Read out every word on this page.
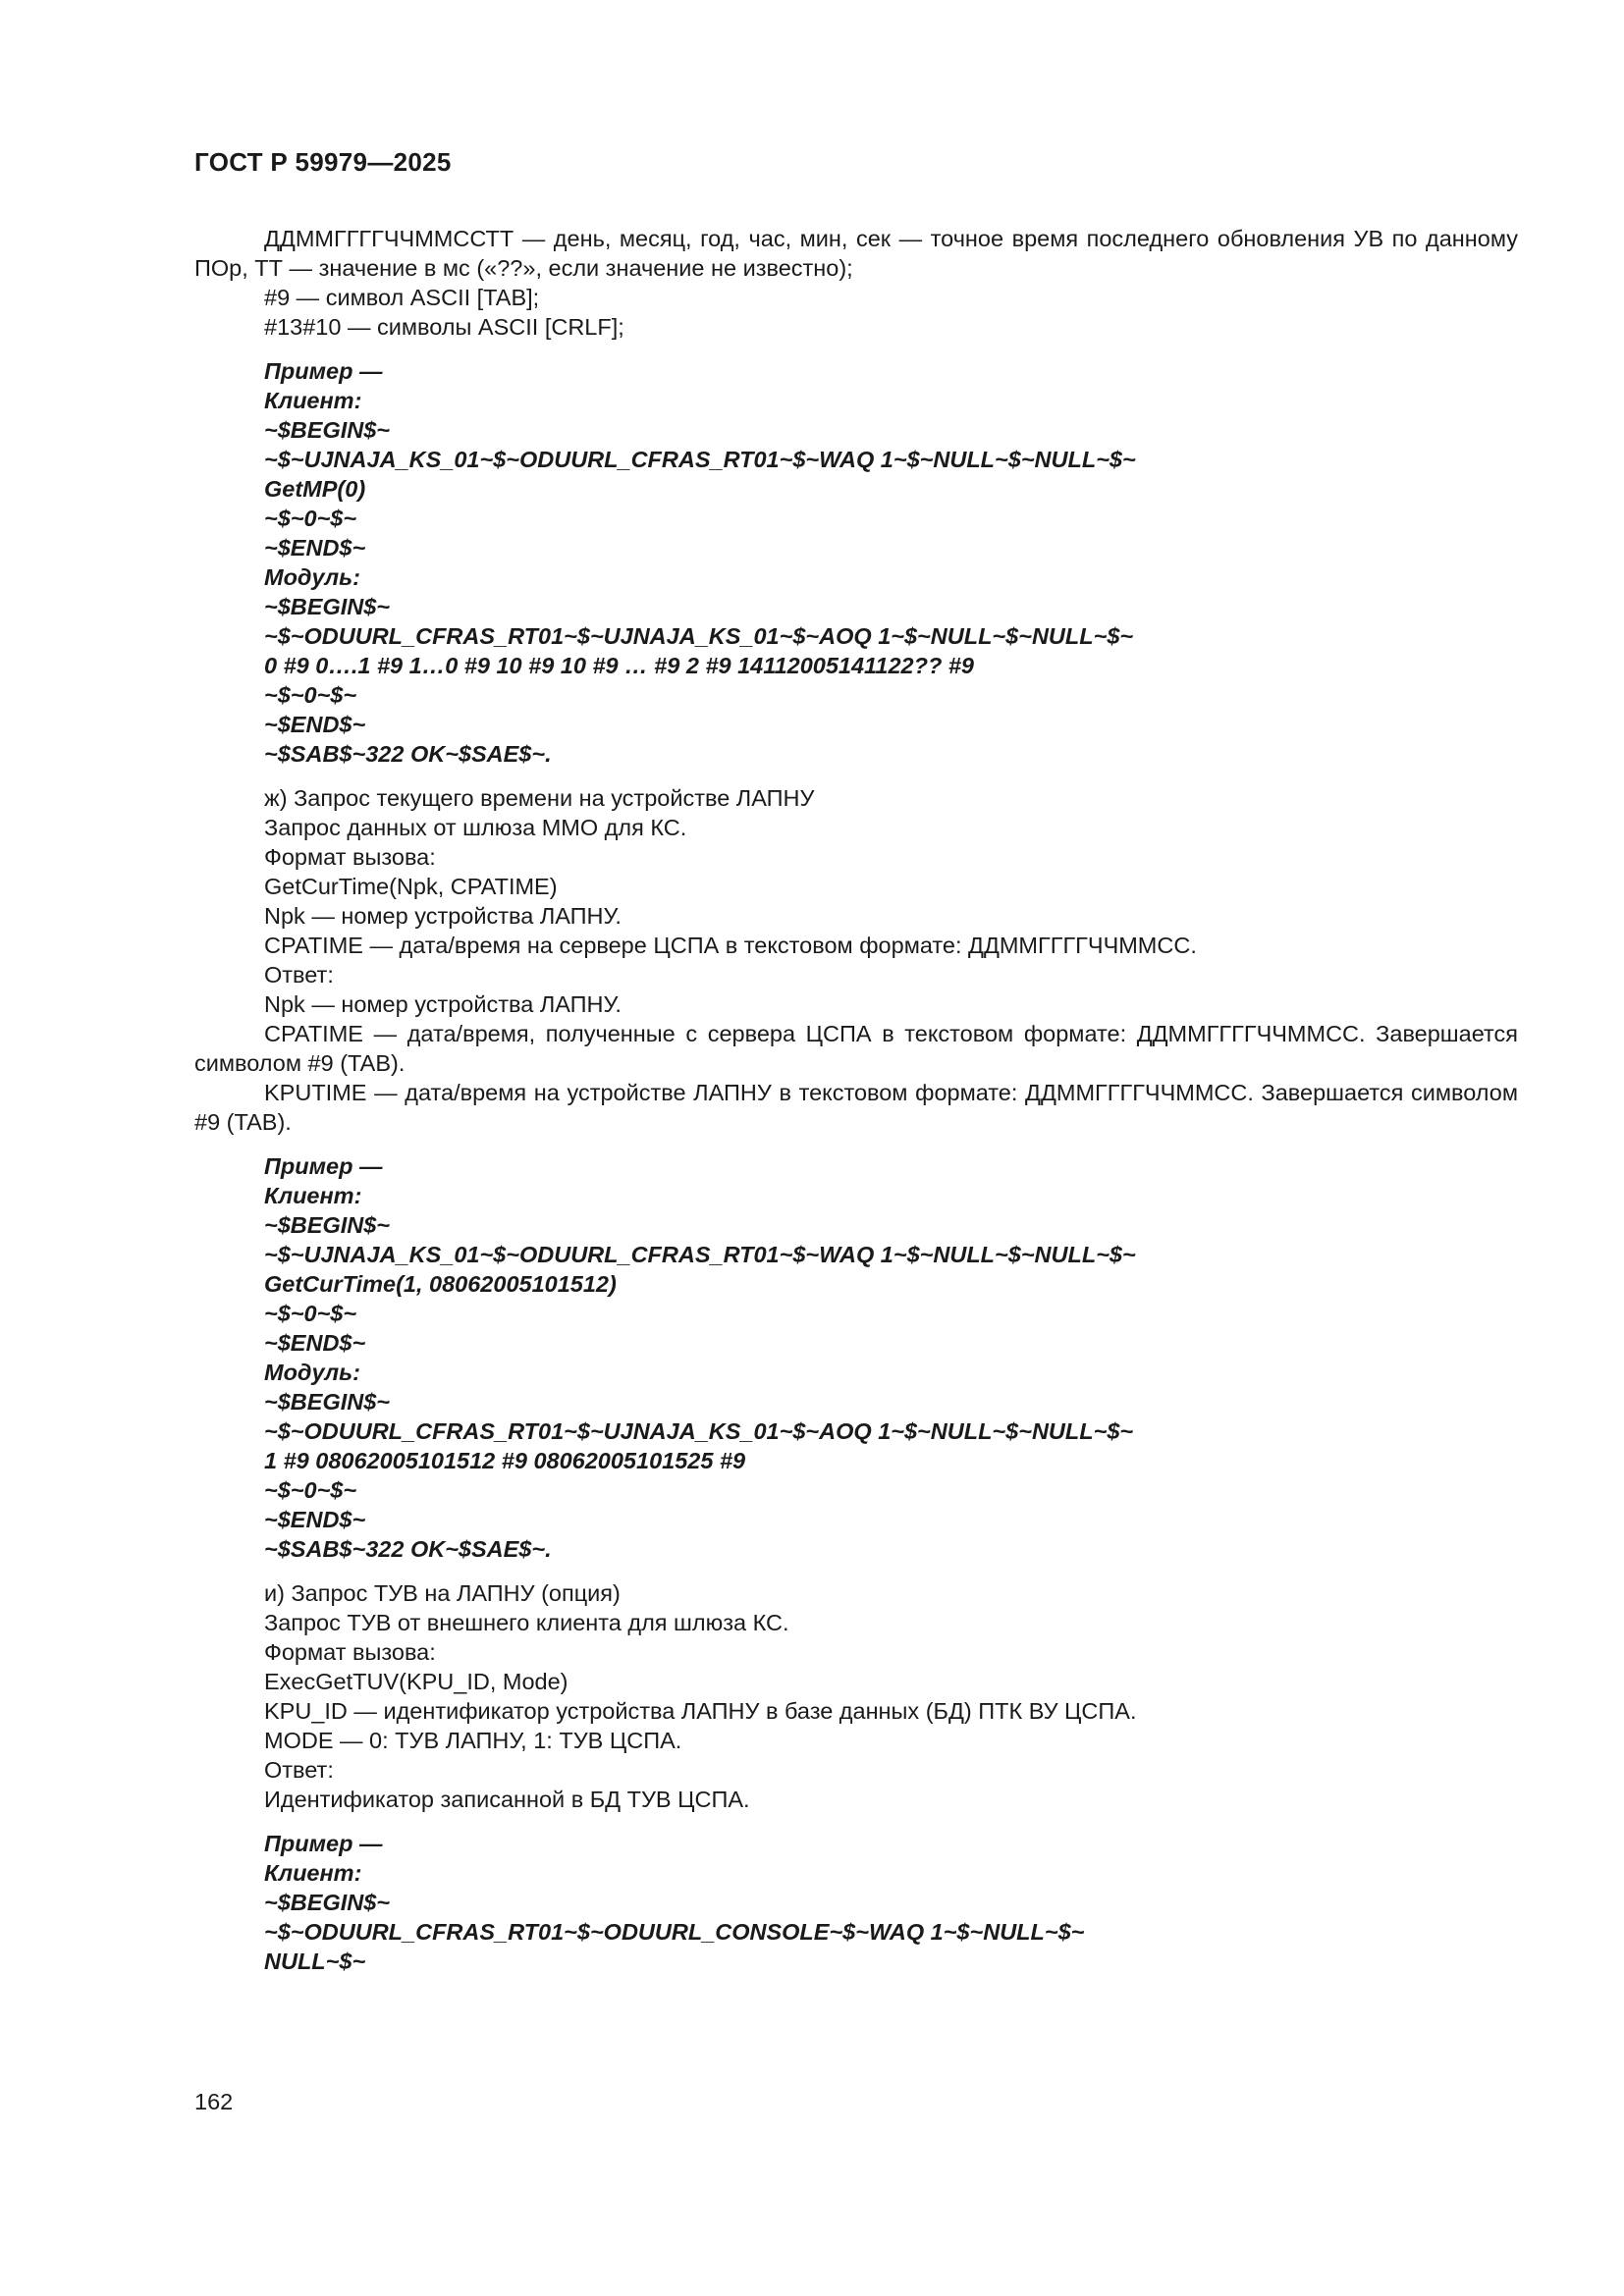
ГОСТ Р 59979—2025

ДДММГГГГЧЧММССТТ — день, месяц, год, час, мин, сек — точное время последнего обновления УВ по данному ПОр, ТТ — значение в мс («??», если значение не известно);

#9 — символ ASCII [TAB];

#13#10 — символы ASCII [CRLF];

Пример —
Клиент:
~$BEGIN$~
~$~UJNAJA_KS_01~$~ODUURL_CFRAS_RT01~$~WAQ 1~$~NULL~$~NULL~$~
GetMP(0)
~$~0~$~
~$END$~
Модуль:
~$BEGIN$~
~$~ODUURL_CFRAS_RT01~$~UJNAJA_KS_01~$~AOQ 1~$~NULL~$~NULL~$~
0 #9 0….1 #9 1…0 #9 10 #9 10 #9 … #9 2 #9 14112005141122?? #9
~$~0~$~
~$END$~
~$SAB$~322 OK~$SAE$~.

ж) Запрос текущего времени на устройстве ЛАПНУ

Запрос данных от шлюза ММО для КС.

Формат вызова:

GetCurTime(Npk, CPATIME)

Npk — номер устройства ЛАПНУ.

CPATIME — дата/время на сервере ЦСПА в текстовом формате: ДДММГГГГЧЧММСС.

Ответ:

Npk — номер устройства ЛАПНУ.

CPATIME — дата/время, полученные с сервера ЦСПА в текстовом формате: ДДММГГГГЧЧММСС. Завершается символом #9 (TAB).

KPUTIME — дата/время на устройстве ЛАПНУ в текстовом формате: ДДММГГГГЧЧММСС. Завершается символом #9 (TAB).

Пример —
Клиент:
~$BEGIN$~
~$~UJNAJA_KS_01~$~ODUURL_CFRAS_RT01~$~WAQ 1~$~NULL~$~NULL~$~
GetCurTime(1, 08062005101512)
~$~0~$~
~$END$~
Модуль:
~$BEGIN$~
~$~ODUURL_CFRAS_RT01~$~UJNAJA_KS_01~$~AOQ 1~$~NULL~$~NULL~$~
1 #9 08062005101512 #9 08062005101525 #9
~$~0~$~
~$END$~
~$SAB$~322 OK~$SAE$~.

и) Запрос ТУВ на ЛАПНУ (опция)

Запрос ТУВ от внешнего клиента для шлюза КС.

Формат вызова:

ExecGetTUV(KPU_ID, Mode)

KPU_ID — идентификатор устройства ЛАПНУ в базе данных (БД) ПТК ВУ ЦСПА.

MODE — 0: ТУВ ЛАПНУ, 1: ТУВ ЦСПА.

Ответ:

Идентификатор записанной в БД ТУВ ЦСПА.

Пример —
Клиент:
~$BEGIN$~
~$~ODUURL_CFRAS_RT01~$~ODUURL_CONSOLE~$~WAQ 1~$~NULL~$~
NULL~$~
162
